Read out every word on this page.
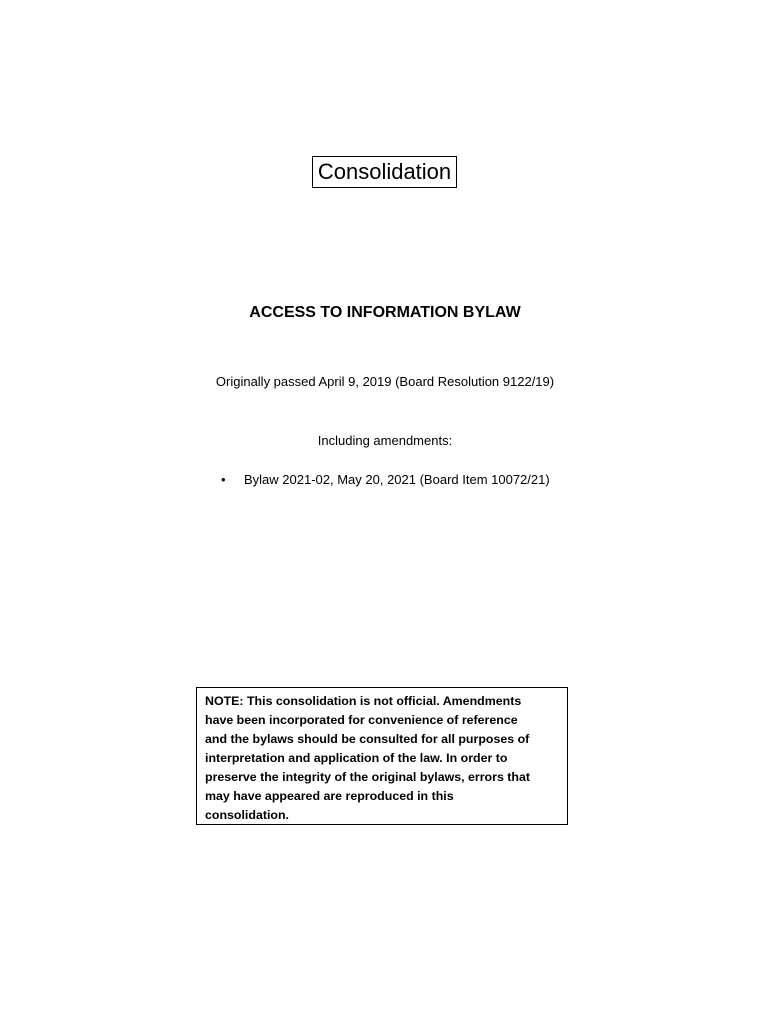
Consolidation
ACCESS TO INFORMATION BYLAW
Originally passed April 9, 2019 (Board Resolution 9122/19)
Including amendments:
•	Bylaw 2021-02, May 20, 2021 (Board Item 10072/21)
NOTE: This consolidation is not official. Amendments
have been incorporated for convenience of reference
and the bylaws should be consulted for all purposes of
interpretation and application of the law. In order to
preserve the integrity of the original bylaws, errors that
may have appeared are reproduced in this
consolidation.
